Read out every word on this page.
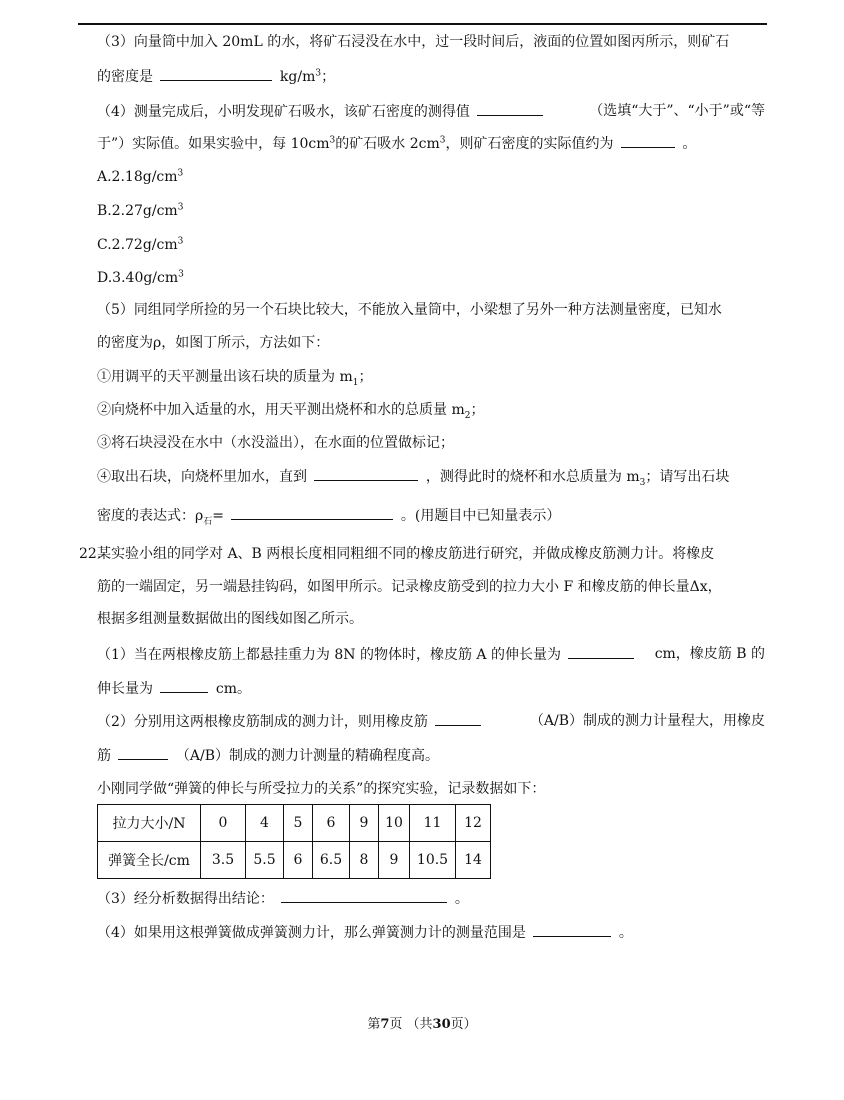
（3）向量筒中加入 20mL 的水，将矿石浸没在水中，过一段时间后，液面的位置如图丙所示，则矿石
的密度是	$kg/m^3$；
（4）测量完成后，小明发现矿石吸水，该矿石密度的测得值	（选填“大于”、“小于”或“等
于”）实际值。如果实验中，每 $10cm^3$的矿石吸水 $2cm^3$，则矿石密度的实际值约为	。
$A.2.18g/cm^3$
$B.2.27g/cm^3$
$C.2.72g/cm^3$
$D.3.40g/cm^3$
（5）同组同学所捡的另一个石块比较大，不能放入量筒中，小梁想了另外一种方法测量密度，已知水
的密度为ρ，如图丁所示，方法如下：
①用调平的天平测量出该石块的质量为 $m_1$；
②向烧杯中加入适量的水，用天平测出烧杯和水的总质量 $m_2$；
③将石块浸没在水中（水没溢出），在水面的位置做标记；
④取出石块，向烧杯里加水，直到	，测得此时的烧杯和水总质量为 $m_3$；请写出石块
密度的表达式：$\rho_石=$	。(用题目中已知量表示）
22.
某实验小组的同学对 A、B 两根长度相同粗细不同的橡皮筋进行研究，并做成橡皮筋测力计。将橡皮
筋的一端固定，另一端悬挂钩码，如图甲所示。记录橡皮筋受到的拉力大小 F 和橡皮筋的伸长量Δx，
根据多组测量数据做出的图线如图乙所示。
（1）当在两根橡皮筋上都悬挂重力为 8N 的物体时，橡皮筋 A 的伸长量为	cm，橡皮筋 B 的
伸长量为	cm。
（2）分别用这两根橡皮筋制成的测力计，则用橡皮筋	（A/B）制成的测力计量程大，用橡皮
筋	（A/B）制成的测力计测量的精确程度高。
小刚同学做“弹簧的伸长与所受拉力的关系”的探究实验，记录数据如下：
拉力大小/N	0	4	5	6	9	10	11	12
弹簧全长/cm	3.5	5.5	6	6.5	8	9	10.5	14
（3）经分析数据得出结论：	。
（4）如果用这根弹簧做成弹簧测力计，那么弹簧测力计的测量范围是	。
第7页 （共30页）
